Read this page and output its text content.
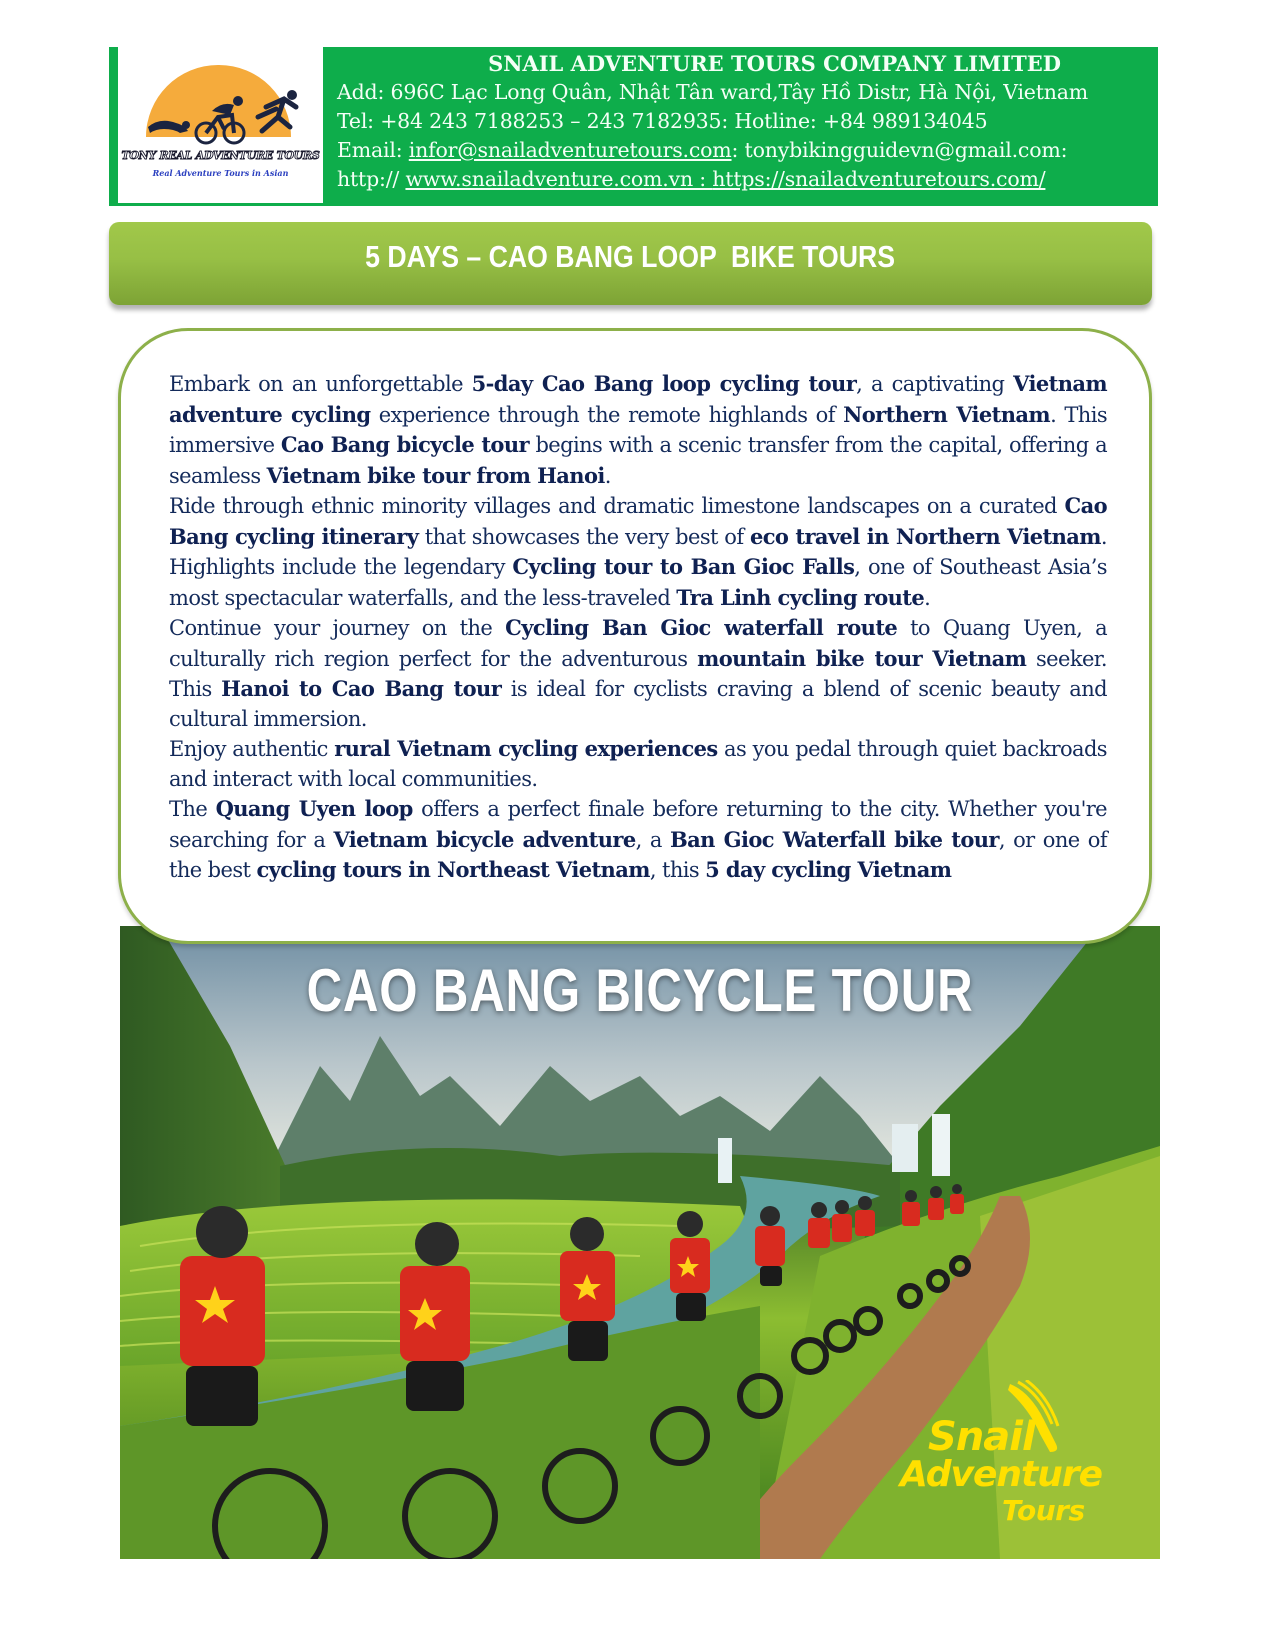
TONY REAL ADVENTURE TOURS
Real Adventure Tours in Asian
SNAIL ADVENTURE TOURS COMPANY LIMITED
Add: 696C Lạc Long Quân, Nhật Tân ward,Tây Hồ Distr, Hà Nội, Vietnam
Tel: +84 243 7188253 – 243 7182935: Hotline: +84 989134045
Email: infor@snailadventuretours.com: tonybikingguidevn@gmail.com:
http:// www.snailadventure.com.vn : https://snailadventuretours.com/
5 DAYS – CAO BANG LOOP  BIKE TOURS

Embark on an unforgettable 5-day Cao Bang loop cycling tour, a captivating Vietnam adventure cycling experience through the remote highlands of Northern Vietnam. This immersive Cao Bang bicycle tour begins with a scenic transfer from the capital, offering a seamless Vietnam bike tour from Hanoi.

Ride through ethnic minority villages and dramatic limestone landscapes on a curated Cao Bang cycling itinerary that showcases the very best of eco travel in Northern Vietnam. Highlights include the legendary Cycling tour to Ban Gioc Falls, one of Southeast Asia’s most spectacular waterfalls, and the less-traveled Tra Linh cycling route.

Continue your journey on the Cycling Ban Gioc waterfall route to Quang Uyen, a culturally rich region perfect for the adventurous mountain bike tour Vietnam seeker. This Hanoi to Cao Bang tour is ideal for cyclists craving a blend of scenic beauty and cultural immersion.

Enjoy authentic rural Vietnam cycling experiences as you pedal through quiet backroads and interact with local communities.

The Quang Uyen loop offers a perfect finale before returning to the city. Whether you're searching for a Vietnam bicycle adventure, a Ban Gioc Waterfall bike tour, or one of the best cycling tours in Northeast Vietnam, this 5 day cycling Vietnam

CAO BANG BICYCLE TOUR
Snail
Adventure
Tours
